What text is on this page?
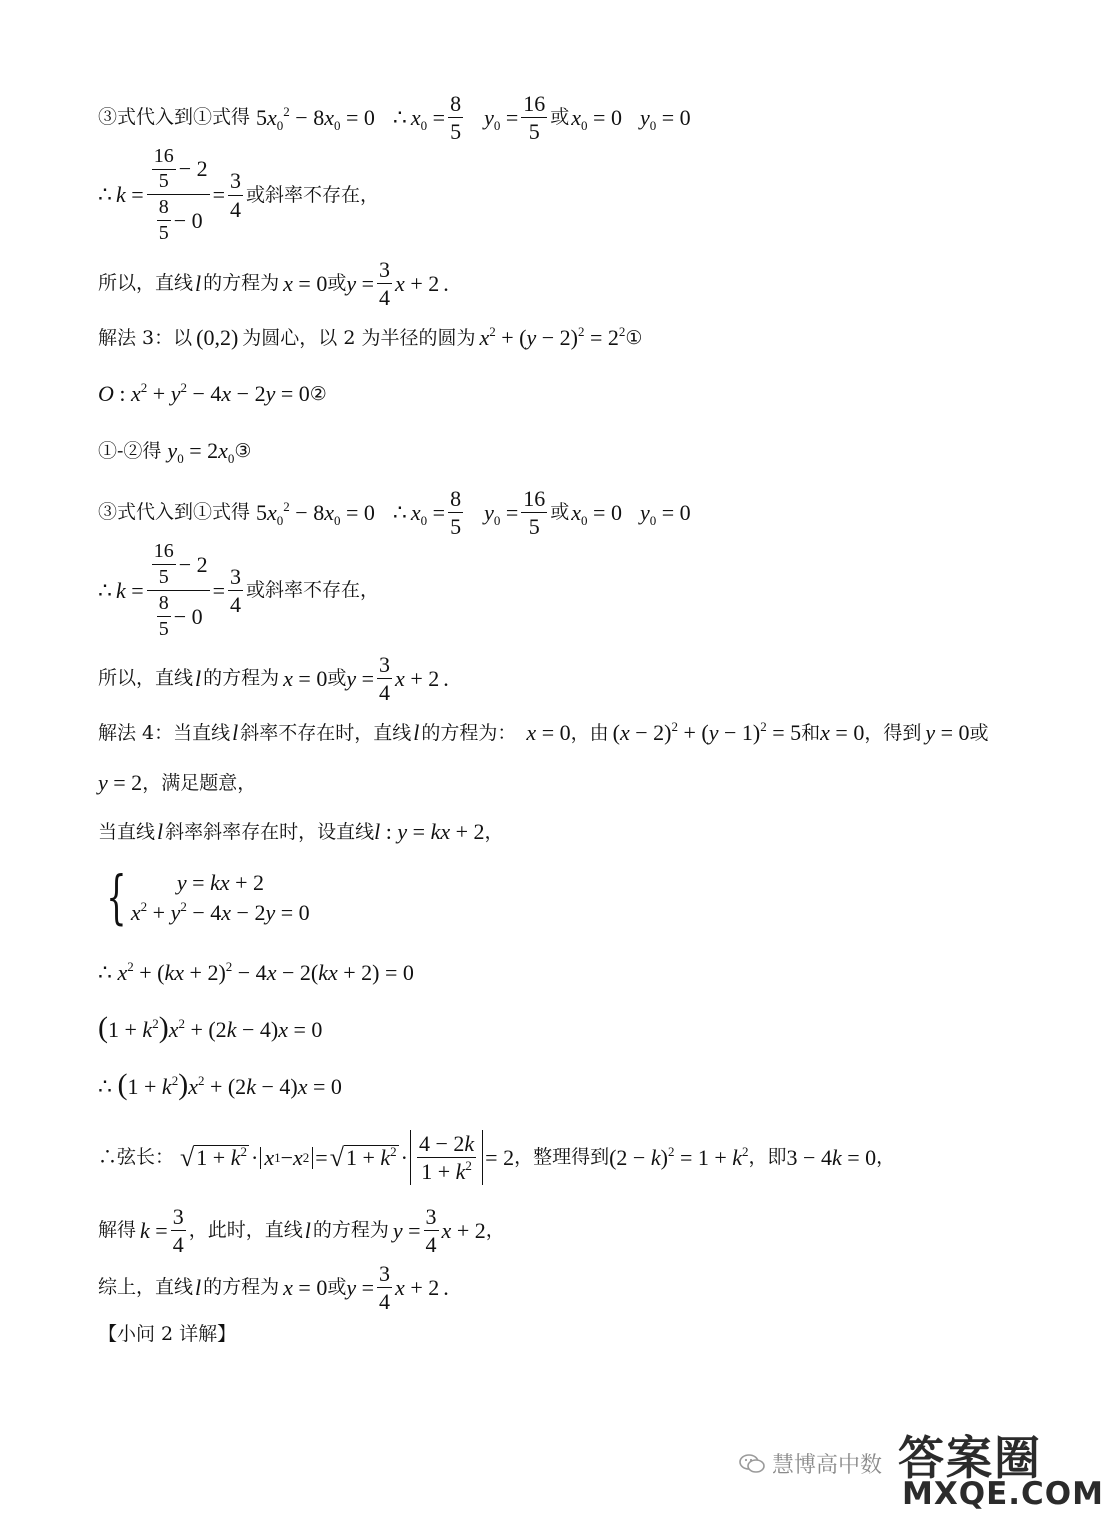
③式代入到①式得 $5x_0^2 - 8x_0 = 0$ ∴ $x_0 = \frac{8}{5} y_0 = \frac{16}{5}$ 或 $x_0 = 0$ $y_0 = 0$
∴ $k = \frac{\frac{16}{5} - 2}{\frac{8}{5} - 0} = \frac{3}{4}$ 或斜率不存在，
所以，直线 l 的方程为 x = 0 或 $y = \frac{3}{4}$ x + 2 .
解法 3：以 (0,2) 为圆心，以 2 为半径的圆为 $x^2 + (y - 2)^2 = 2^2$ ①
O : $x^2 + y^2 - 4x - 2y = 0$ ②
①-②得 $y_0 = 2x_0$ ③
③式代入到①式得 $5x_0^2 - 8x_0 = 0$ ∴ $x_0 = \frac{8}{5} y_0 = \frac{16}{5}$ 或 $x_0 = 0$ $y_0 = 0$
∴ $k = \frac{\frac{16}{5} - 2}{\frac{8}{5} - 0} = \frac{3}{4}$ 或斜率不存在，
所以，直线 l 的方程为 x = 0 或 $y = \frac{3}{4}$ x + 2 .
解法 4：当直线 l 斜率不存在时，直线 l 的方程为： x = 0 ， 由 $(x - 2)^2 + (y - 1)^2 = 5$ 和 x = 0 ， 得到 y = 0 或
y = 2 ，满足题意，
当直线 l 斜率斜率存在时，设直线 l : y = kx + 2 ，
{	y = kx + 2
$x^2 + y^2 - 4x - 2y = 0$
∴ $x^2 + (kx + 2)^2 - 4x - 2(kx + 2) = 0$
$(1 + k^2)x^2 + (2k - 4)x = 0$
∴ $(1 + k^2)x^2 + (2k - 4)x = 0$
∴弦长： √ $1 + k^2 \cdot x$ 1 − x 2 = √ $1 + k^2$ ·
4 − 2k
$1 + k^2 = 2$ ，整理得到 $(2 - k)^2 = 1 + k^2$ ，即 3 − 4k = 0 ，
解得 $k = \frac{3}{4}$ ，此时，直线 l 的方程为 $y = \frac{3}{4}$ x + 2 ，
综上，直线 l 的方程为 x = 0 或 $y = \frac{3}{4}$ x + 2 .
【小问 2 详解】
慧博高中数 答案圈
MXQE.COM
